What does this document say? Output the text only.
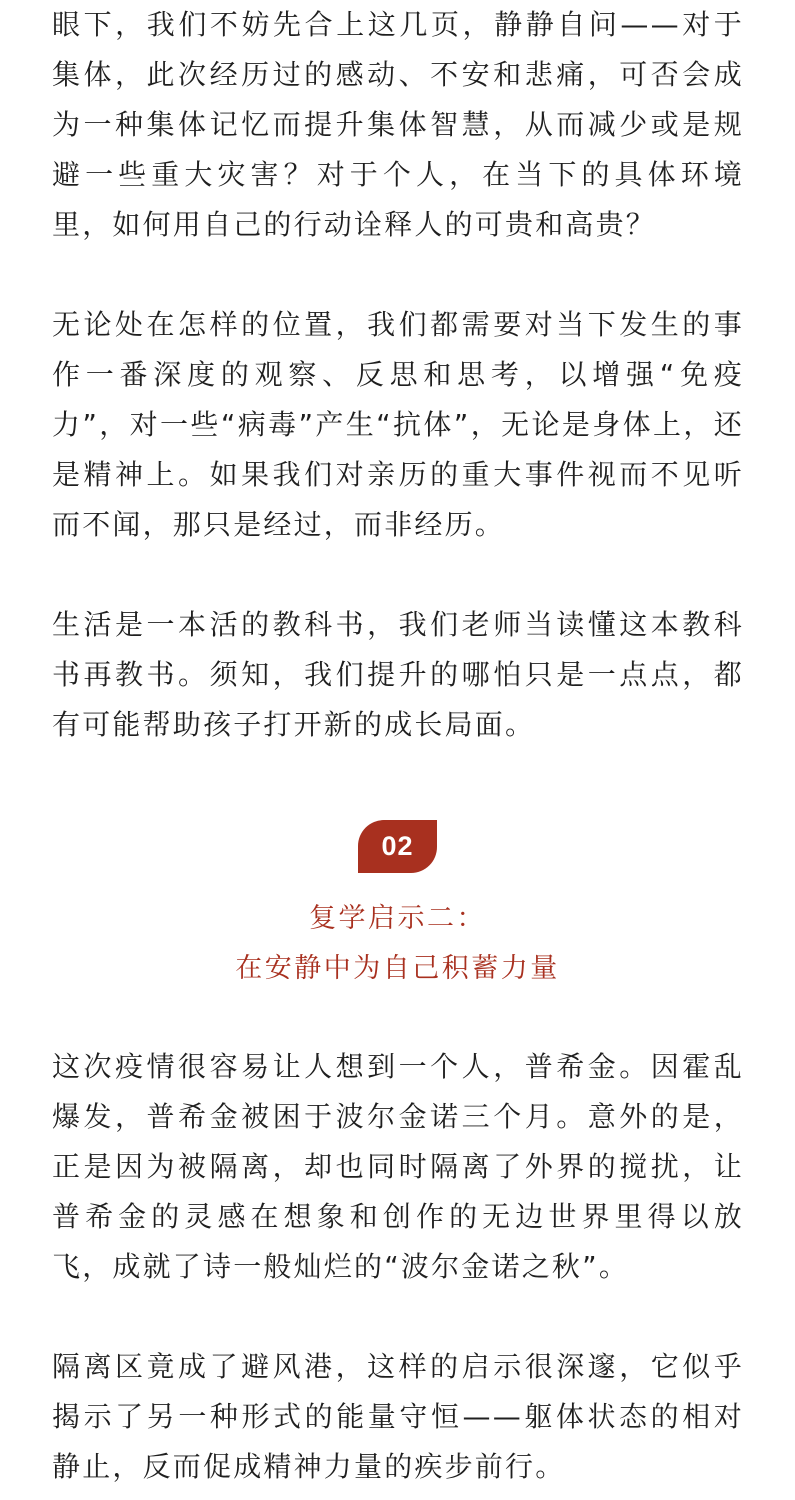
眼下，我们不妨先合上这几页，静静自问——对于集体，此次经历过的感动、不安和悲痛，可否会成为一种集体记忆而提升集体智慧，从而减少或是规避一些重大灾害？对于个人，在当下的具体环境里，如何用自己的行动诠释人的可贵和高贵？

无论处在怎样的位置，我们都需要对当下发生的事作一番深度的观察、反思和思考，以增强“免疫力”，对一些“病毒”产生“抗体”，无论是身体上，还是精神上。如果我们对亲历的重大事件视而不见听而不闻，那只是经过，而非经历。

生活是一本活的教科书，我们老师当读懂这本教科书再教书。须知，我们提升的哪怕只是一点点，都有可能帮助孩子打开新的成长局面。

02
复学启示二：
在安静中为自己积蓄力量

这次疫情很容易让人想到一个人，普希金。因霍乱爆发，普希金被困于波尔金诺三个月。意外的是，正是因为被隔离，却也同时隔离了外界的搅扰，让普希金的灵感在想象和创作的无边世界里得以放飞，成就了诗一般灿烂的“波尔金诺之秋”。

隔离区竟成了避风港，这样的启示很深邃，它似乎揭示了另一种形式的能量守恒——躯体状态的相对静止，反而促成精神力量的疾步前行。
